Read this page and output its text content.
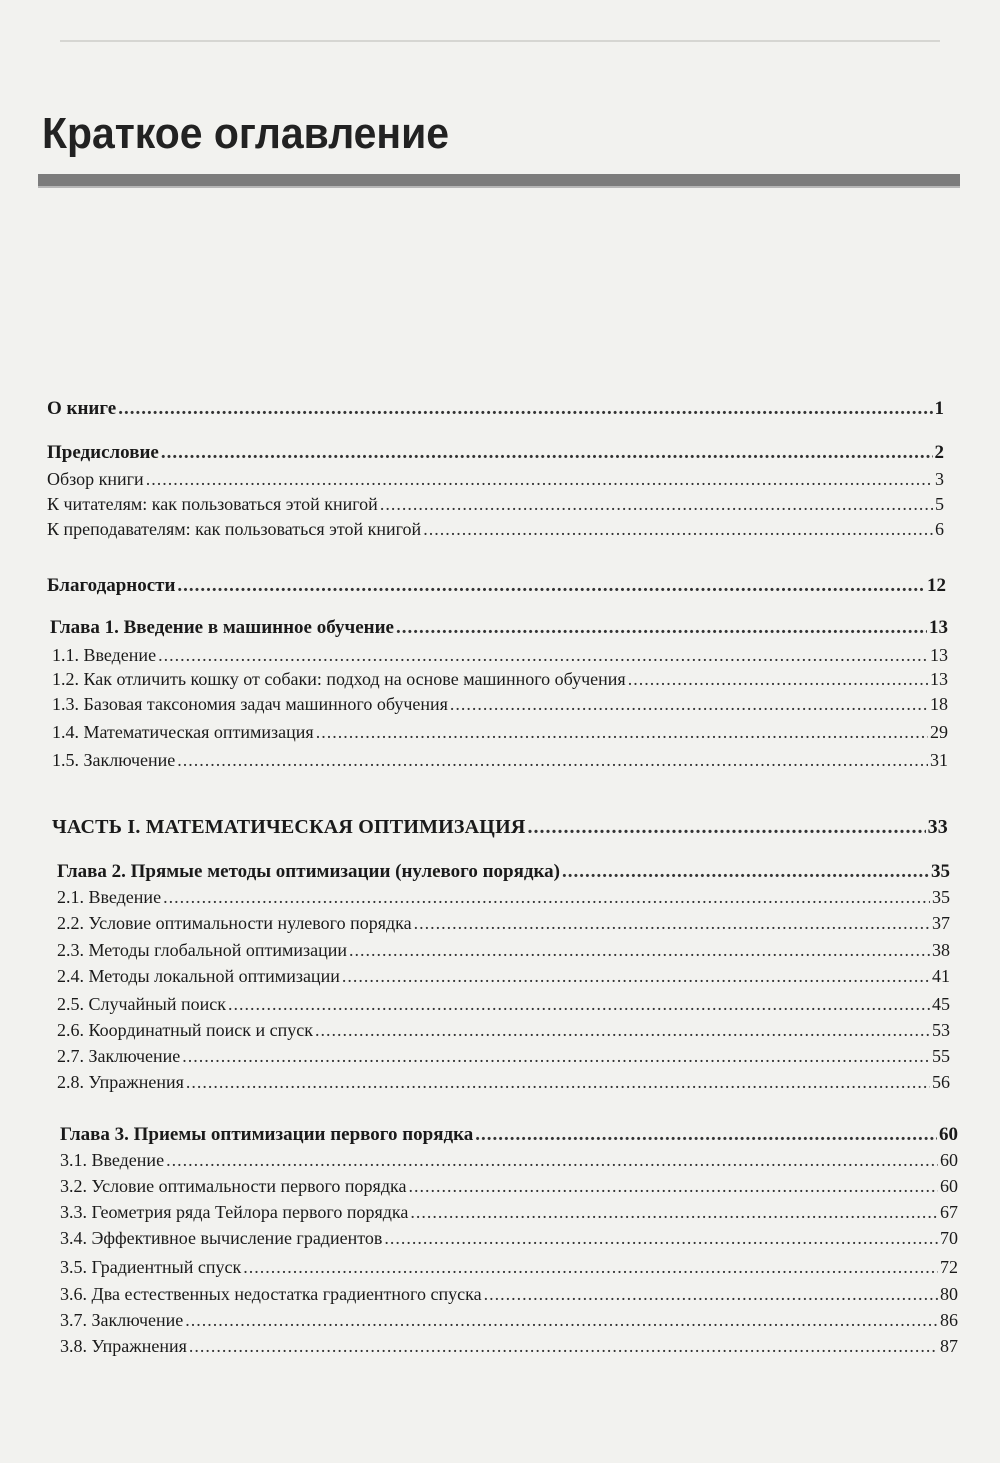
Краткое оглавление
О книге .....	1
Предисловие .....	2
Обзор книги .....	3
К читателям: как пользоваться этой книгой .....	5
К преподавателям: как пользоваться этой книгой .....	6
Благодарности .....	12
Глава 1. Введение в машинное обучение .....	13
1.1. Введение .....	13
1.2. Как отличить кошку от собаки: подход на основе машинного обучения .....	13
1.3. Базовая таксономия задач машинного обучения .....	18
1.4. Математическая оптимизация .....	29
1.5. Заключение .....	31
ЧАСТЬ I. МАТЕМАТИЧЕСКАЯ ОПТИМИЗАЦИЯ .....	33
Глава 2. Прямые методы оптимизации (нулевого порядка) .....	35
2.1. Введение .....	35
2.2. Условие оптимальности нулевого порядка .....	37
2.3. Методы глобальной оптимизации .....	38
2.4. Методы локальной оптимизации .....	41
2.5. Случайный поиск .....	45
2.6. Координатный поиск и спуск .....	53
2.7. Заключение .....	55
2.8. Упражнения .....	56
Глава 3. Приемы оптимизации первого порядка .....	60
3.1. Введение .....	60
3.2. Условие оптимальности первого порядка .....	60
3.3. Геометрия ряда Тейлора первого порядка .....	67
3.4. Эффективное вычисление градиентов .....	70
3.5. Градиентный спуск .....	72
3.6. Два естественных недостатка градиентного спуска .....	80
3.7. Заключение .....	86
3.8. Упражнения .....	87
